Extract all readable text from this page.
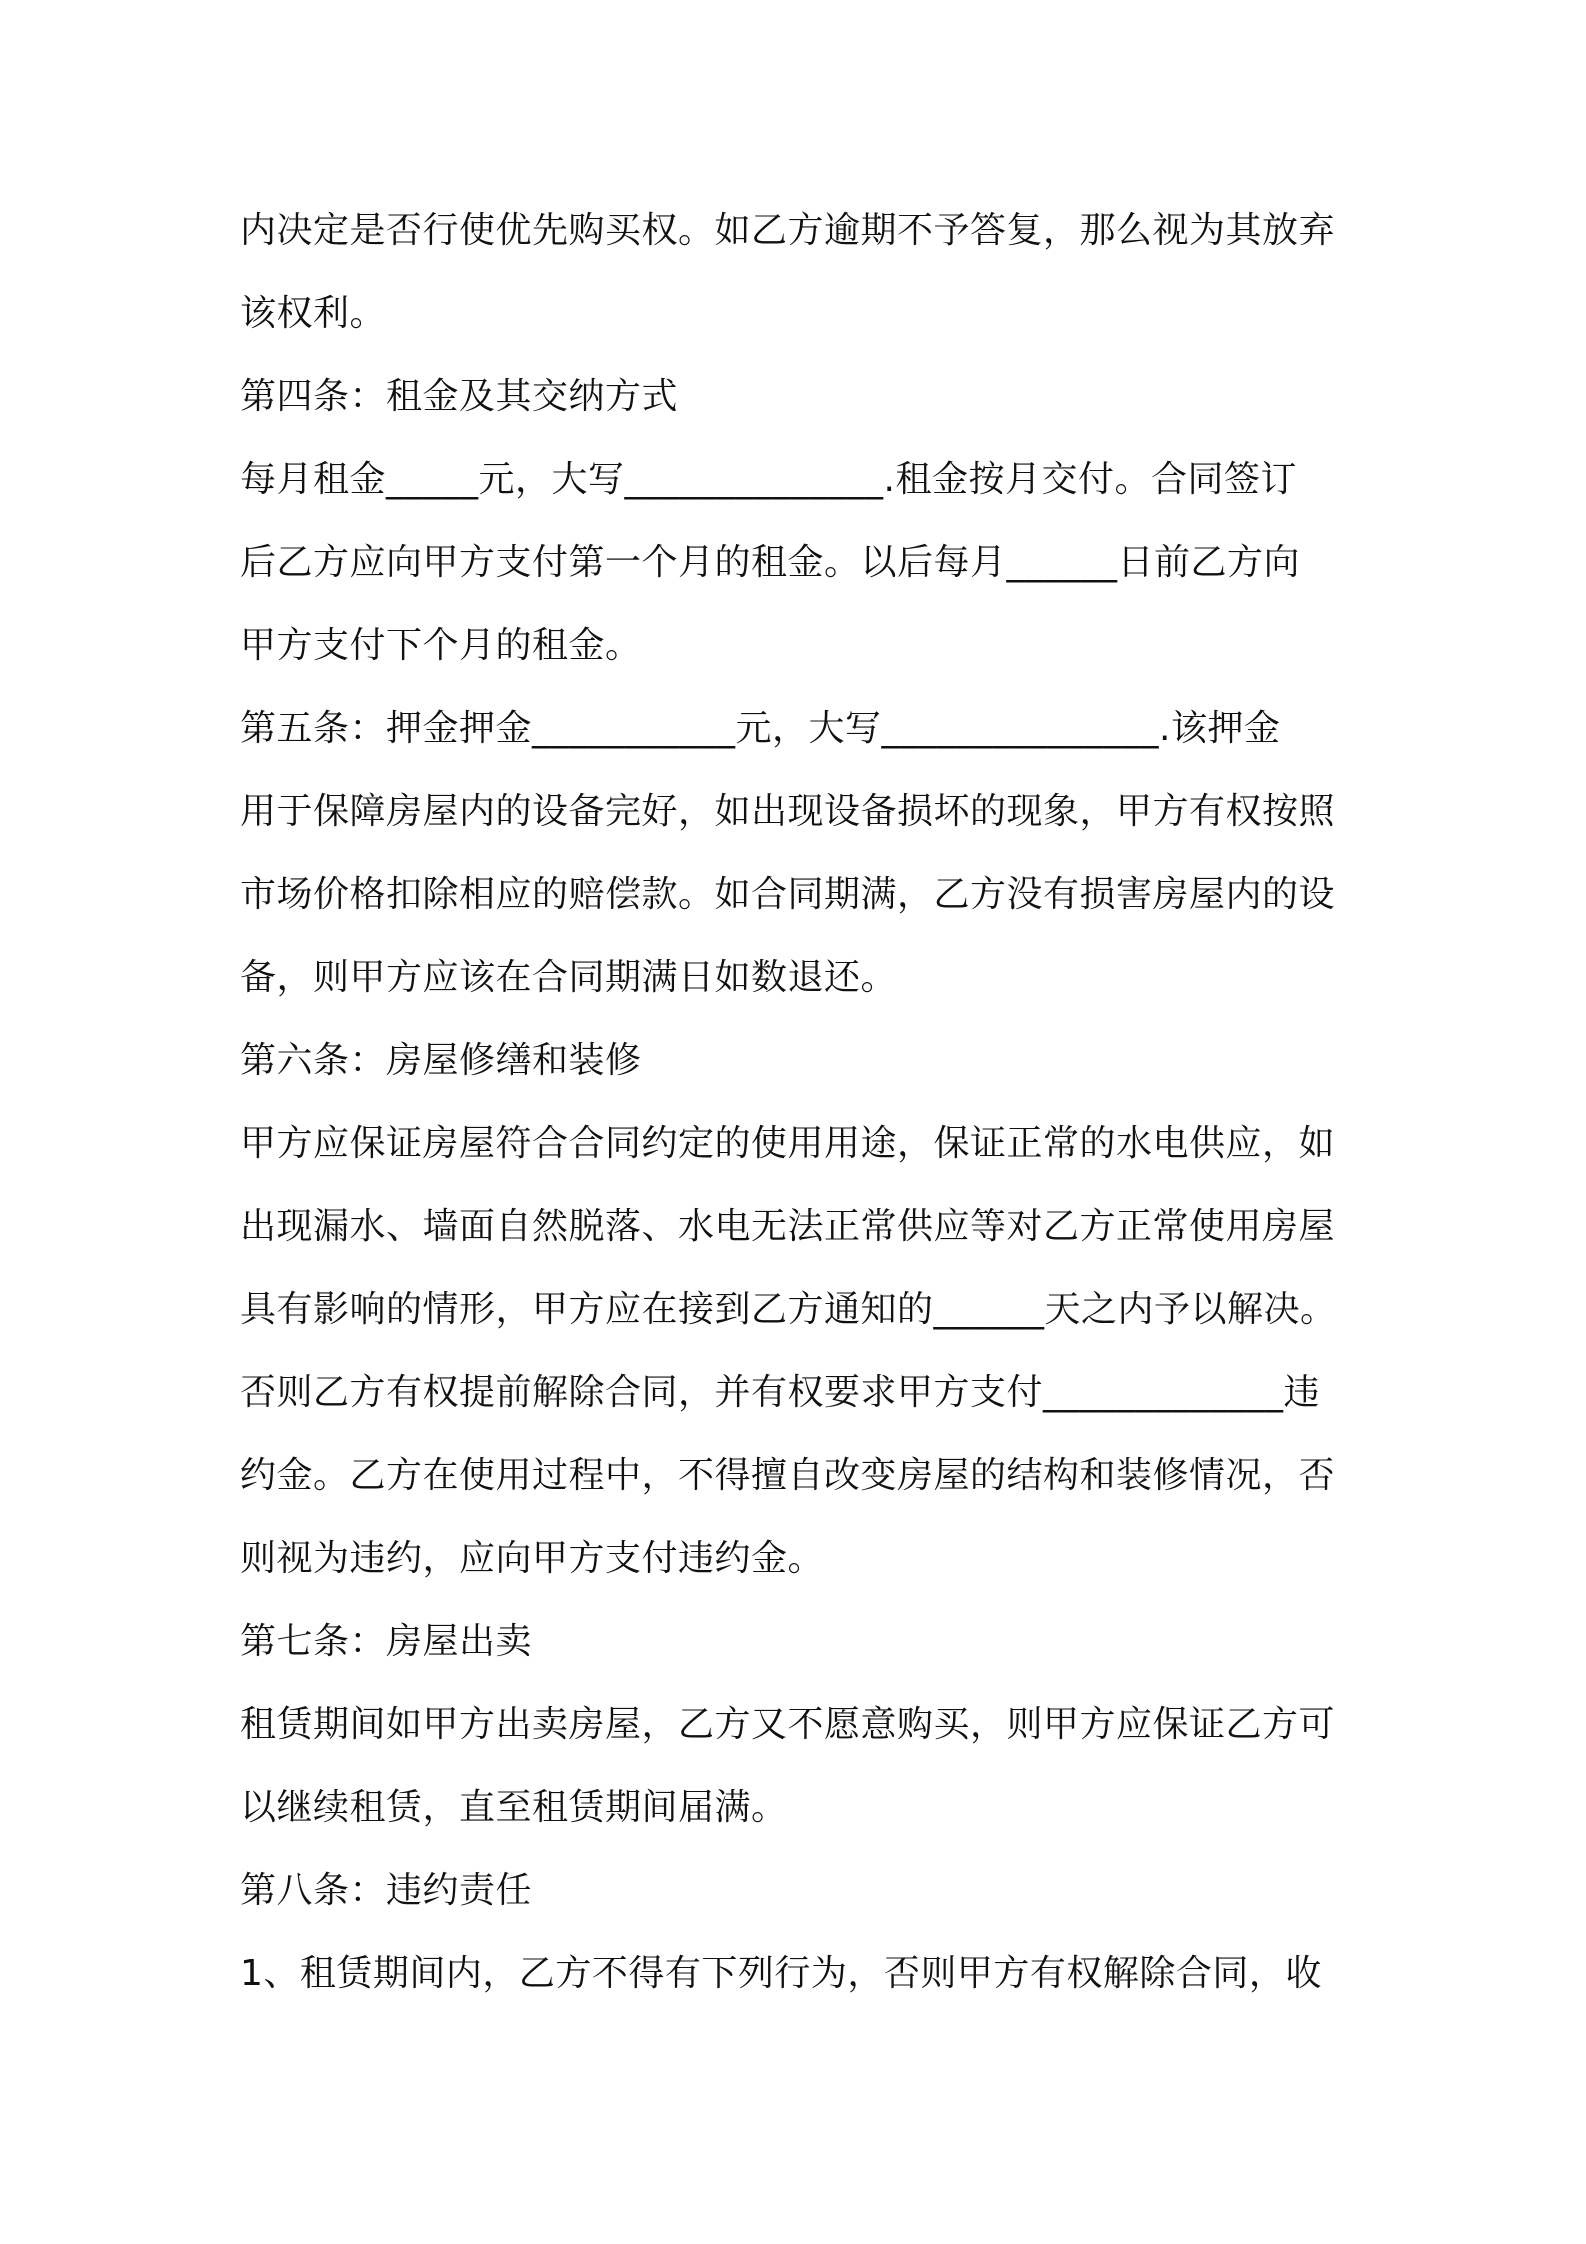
内决定是否行使优先购买权。如乙方逾期不予答复，那么视为其放弃
该权利。
第四条：租金及其交纳方式
每月租金_____元，大写______________.租金按月交付。合同签订
后乙方应向甲方支付第一个月的租金。以后每月______日前乙方向
甲方支付下个月的租金。
第五条：押金押金___________元，大写_______________.该押金
用于保障房屋内的设备完好，如出现设备损坏的现象，甲方有权按照
市场价格扣除相应的赔偿款。如合同期满，乙方没有损害房屋内的设
备，则甲方应该在合同期满日如数退还。
第六条：房屋修缮和装修
甲方应保证房屋符合合同约定的使用用途，保证正常的水电供应，如
出现漏水、墙面自然脱落、水电无法正常供应等对乙方正常使用房屋
具有影响的情形，甲方应在接到乙方通知的______天之内予以解决。
否则乙方有权提前解除合同，并有权要求甲方支付_____________违
约金。乙方在使用过程中，不得擅自改变房屋的结构和装修情况，否
则视为违约，应向甲方支付违约金。
第七条：房屋出卖
租赁期间如甲方出卖房屋，乙方又不愿意购买，则甲方应保证乙方可
以继续租赁，直至租赁期间届满。
第八条：违约责任
1、租赁期间内，乙方不得有下列行为，否则甲方有权解除合同，收
